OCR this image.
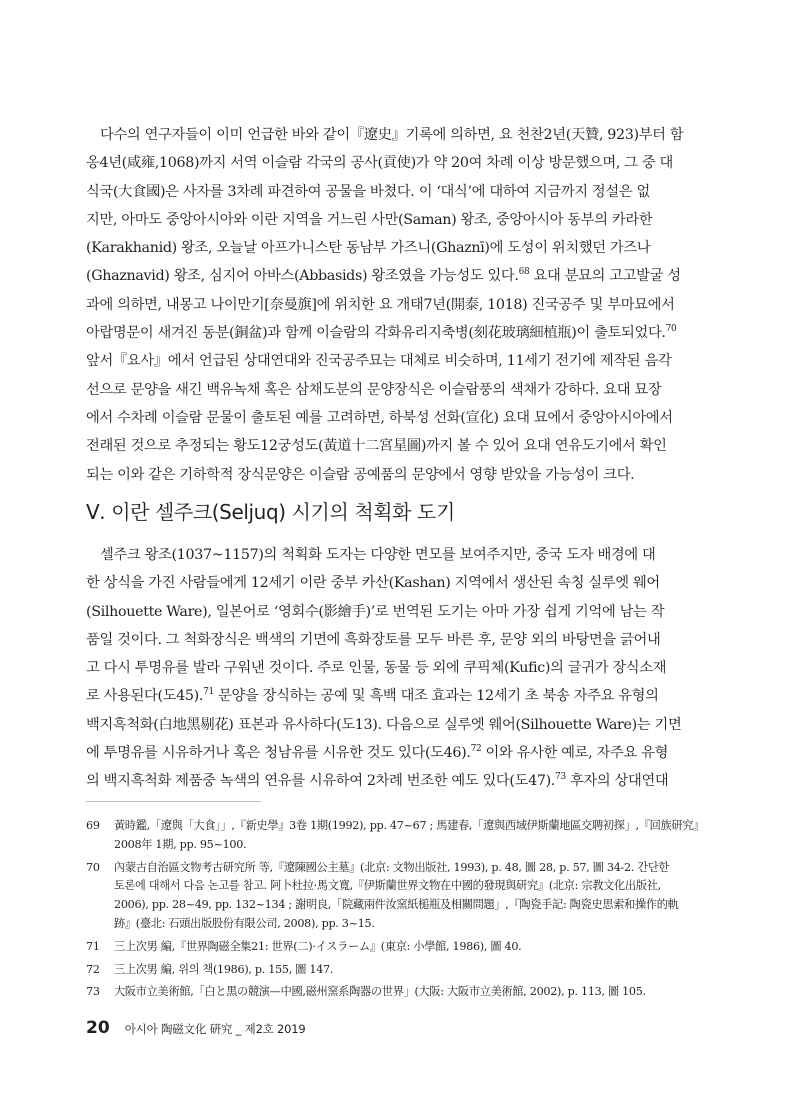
다수의 연구자들이 이미 언급한 바와 같이『遼史』기록에 의하면, 요 천찬2년(天贊, 923)부터 함
옹4년(咸雍,1068)까지 서역 이슬람 각국의 공사(貢使)가 약 20여 차례 이상 방문했으며, 그 중 대
식국(大食國)은 사자를 3차례 파견하여 공물을 바쳤다. 이 ‘대식’에 대하여 지금까지 정설은 없
지만, 아마도 중앙아시아와 이란 지역을 거느린 사만(Saman) 왕조, 중앙아시아 동부의 카라한
(Karakhanid) 왕조, 오늘날 아프가니스탄 동남부 가즈니(Ghaznī)에 도성이 위치했던 가즈나
(Ghaznavid) 왕조, 심지어 아바스(Abbasids) 왕조였을 가능성도 있다.$^{68}$ 요대 분묘의 고고발굴 성
과에 의하면, 내몽고 나이만기[奈曼旗]에 위치한 요 개태7년(開泰, 1018) 진국공주 및 부마묘에서
아랍명문이 새겨진 동분(銅盆)과 함께 이슬람의 각화유리지축병(刻花玻璃細植瓶)이 출토되었다.$^{70}$
앞서『요사』에서 언급된 상대연대와 진국공주묘는 대체로 비슷하며, 11세기 전기에 제작된 음각
선으로 문양을 새긴 백유녹채 혹은 삼채도분의 문양장식은 이슬람풍의 색채가 강하다. 요대 묘장
에서 수차례 이슬람 문물이 출토된 예를 고려하면, 하북성 선화(宣化) 요대 묘에서 중앙아시아에서
전래된 것으로 추정되는 황도12궁성도(黃道十二宮星圖)까지 볼 수 있어 요대 연유도기에서 확인
되는 이와 같은 기하학적 장식문양은 이슬람 공예품의 문양에서 영향 받았을 가능성이 크다.

Ⅴ. 이란 셀주크(Seljuq) 시기의 척획화 도기

셀주크 왕조(1037~1157)의 척획화 도자는 다양한 면모를 보여주지만, 중국 도자 배경에 대
한 상식을 가진 사람들에게 12세기 이란 중부 카산(Kashan) 지역에서 생산된 속칭 실루엣 웨어
(Silhouette Ware), 일본어로 ‘영회수(影繪手)’로 번역된 도기는 아마 가장 쉽게 기억에 남는 작
품일 것이다. 그 척화장식은 백색의 기면에 흑화장토를 모두 바른 후, 문양 외의 바탕면을 긁어내
고 다시 투명유를 발라 구워낸 것이다. 주로 인물, 동물 등 외에 쿠픽체(Kufic)의 글귀가 장식소재
로 사용된다(도45).$^{71}$ 문양을 장식하는 공예 및 흑백 대조 효과는 12세기 초 북송 자주요 유형의
백지흑척화(白地黑剔花) 표본과 유사하다(도13). 다음으로 실루엣 웨어(Silhouette Ware)는 기면
에 투명유를 시유하거나 혹은 청남유를 시유한 것도 있다(도46).$^{72}$ 이와 유사한 예로, 자주요 유형
의 백지흑척화 제품중 녹색의 연유를 시유하여 2차례 번조한 예도 있다(도47).$^{73}$ 후자의 상대연대

69	黃時鑑,「遼與「大食」」,『新史學』3卷 1期(1992), pp. 47~67 ; 馬建春,「遼與西域伊斯蘭地區交聘初探」,『回族研究』
2008年 1期, pp. 95~100.
70	內蒙古自治區文物考古研究所 等,『遼陳國公主墓』(北京: 文物出版社, 1993), p. 48, 圖 28, p. 57, 圖 34-2. 간단한
토론에 대해서 다음 논고를 참고. 阿卜杜拉·馬文寬,『伊斯蘭世界文物在中國的發現與研究』(北京: 宗教文化出版社,
2006), pp. 28~49, pp. 132~134 ; 謝明良,「院藏兩件汝窯紙槌瓶及相關問題」,『陶瓷手記: 陶瓷史思索和操作的軌
跡』(臺北: 石頭出版股份有限公司, 2008), pp. 3~15.
71	三上次男 編,『世界陶磁全集21: 世界(二)·イスラーム』(東京: 小學館, 1986), 圖 40.
72	三上次男 編, 위의 책(1986), p. 155, 圖 147.
73	大阪市立美術館,「白と黒の競演—中國,磁州窯系陶器の世界」(大阪: 大阪市立美術館, 2002), p. 113, 圖 105.
20 아시아 陶磁文化 硏究 _ 제2호 2019
